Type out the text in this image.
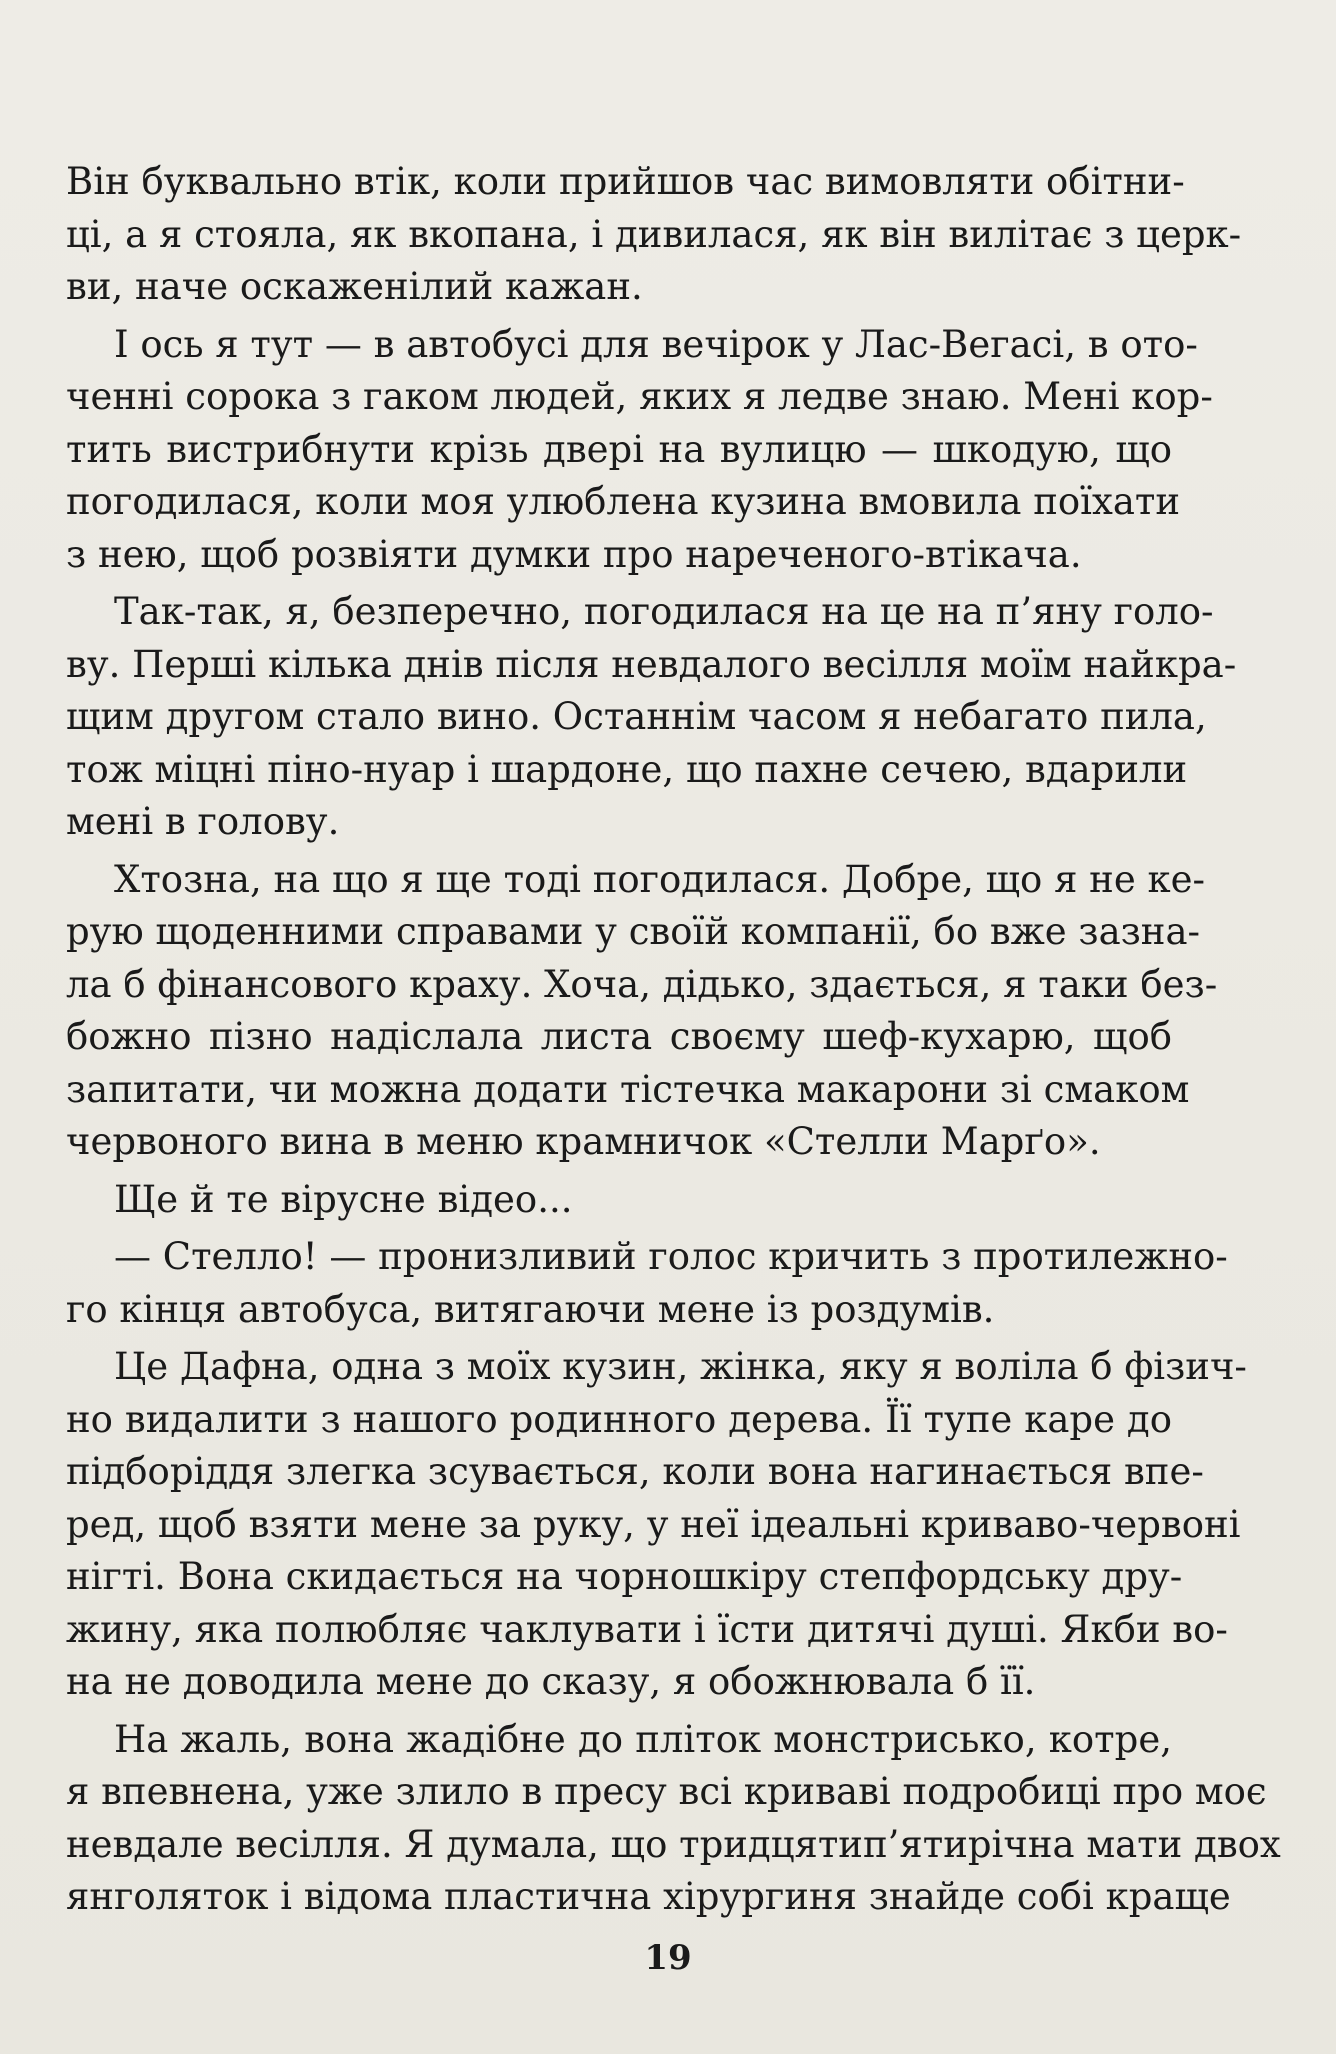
Він буквально втік, коли прийшов час вимовляти обітни-
ці, а я стояла, як вкопана, і дивилася, як він вилітає з церк-
ви, наче оскаженілий кажан.
І ось я тут — в автобусі для вечірок у Лас-Вегасі, в ото-
ченні сорока з гаком людей, яких я ледве знаю. Мені кор-
тить вистрибнути крізь двері на вулицю — шкодую, що
погодилася, коли моя улюблена кузина вмовила поїхати
з нею, щоб розвіяти думки про нареченого-втікача.
Так-так, я, безперечно, погодилася на це на п’яну голо-
ву. Перші кілька днів після невдалого весілля моїм найкра-
щим другом стало вино. Останнім часом я небагато пила,
тож міцні піно-нуар і шардоне, що пахне сечею, вдарили
мені в голову.
Хтозна, на що я ще тоді погодилася. Добре, що я не ке-
рую щоденними справами у своїй компанії, бо вже зазна-
ла б фінансового краху. Хоча, дідько, здається, я таки без-
божно пізно надіслала листа своєму шеф-кухарю, щоб
запитати, чи можна додати тістечка макарони зі смаком
червоного вина в меню крамничок «Стелли Марґо».
Ще й те вірусне відео...
— Стелло! — пронизливий голос кричить з протилежно-
го кінця автобуса, витягаючи мене із роздумів.
Це Дафна, одна з моїх кузин, жінка, яку я воліла б фізич-
но видалити з нашого родинного дерева. Її тупе каре до
підборіддя злегка зсувається, коли вона нагинається впе-
ред, щоб взяти мене за руку, у неї ідеальні криваво-червоні
нігті. Вона скидається на чорношкіру степфордську дру-
жину, яка полюбляє чаклувати і їсти дитячі душі. Якби во-
на не доводила мене до сказу, я обожнювала б її.
На жаль, вона жадібне до пліток монстрисько, котре,
я впевнена, уже злило в пресу всі криваві подробиці про моє
невдале весілля. Я думала, що тридцятип’ятирічна мати двох
янголяток і відома пластична хірургиня знайде собі краще
19
